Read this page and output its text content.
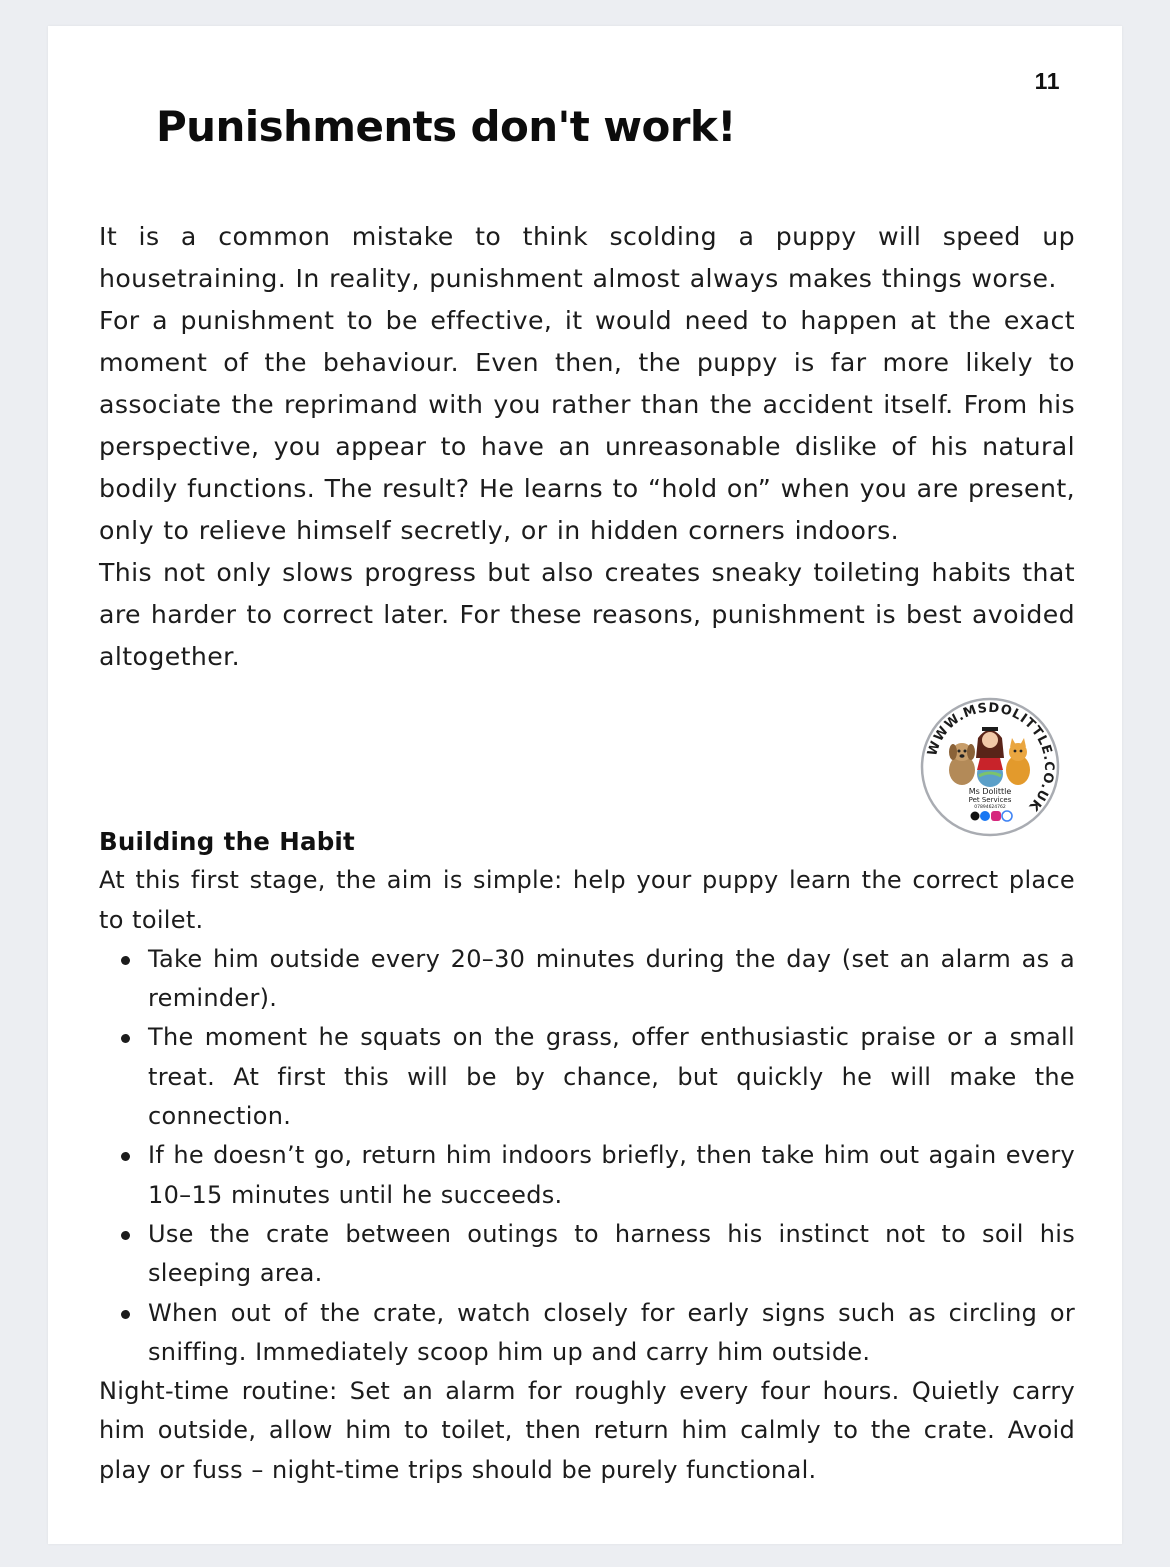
11
Punishments don't work!

It is a common mistake to think scolding a puppy will speed up housetraining. In reality, punishment almost always makes things worse.

For a punishment to be effective, it would need to happen at the exact moment of the behaviour. Even then, the puppy is far more likely to associate the reprimand with you rather than the accident itself. From his perspective, you appear to have an unreasonable dislike of his natural bodily functions. The result? He learns to “hold on” when you are present, only to relieve himself secretly, or in hidden corners indoors.

This not only slows progress but also creates sneaky toileting habits that are harder to correct later. For these reasons, punishment is best avoided altogether.

WWW.MSDOLITTLE.CO.UK
Ms Dolittle
Pet Services
07894624762
Building the Habit

At this first stage, the aim is simple: help your puppy learn the correct place to toilet.

Take him outside every 20–30 minutes during the day (set an alarm as a reminder).
The moment he squats on the grass, offer enthusiastic praise or a small treat. At first this will be by chance, but quickly he will make the connection.
If he doesn’t go, return him indoors briefly, then take him out again every 10–15 minutes until he succeeds.
Use the crate between outings to harness his instinct not to soil his sleeping area.
When out of the crate, watch closely for early signs such as circling or sniffing. Immediately scoop him up and carry him outside.

Night-time routine: Set an alarm for roughly every four hours. Quietly carry him outside, allow him to toilet, then return him calmly to the crate. Avoid play or fuss – night-time trips should be purely functional.
